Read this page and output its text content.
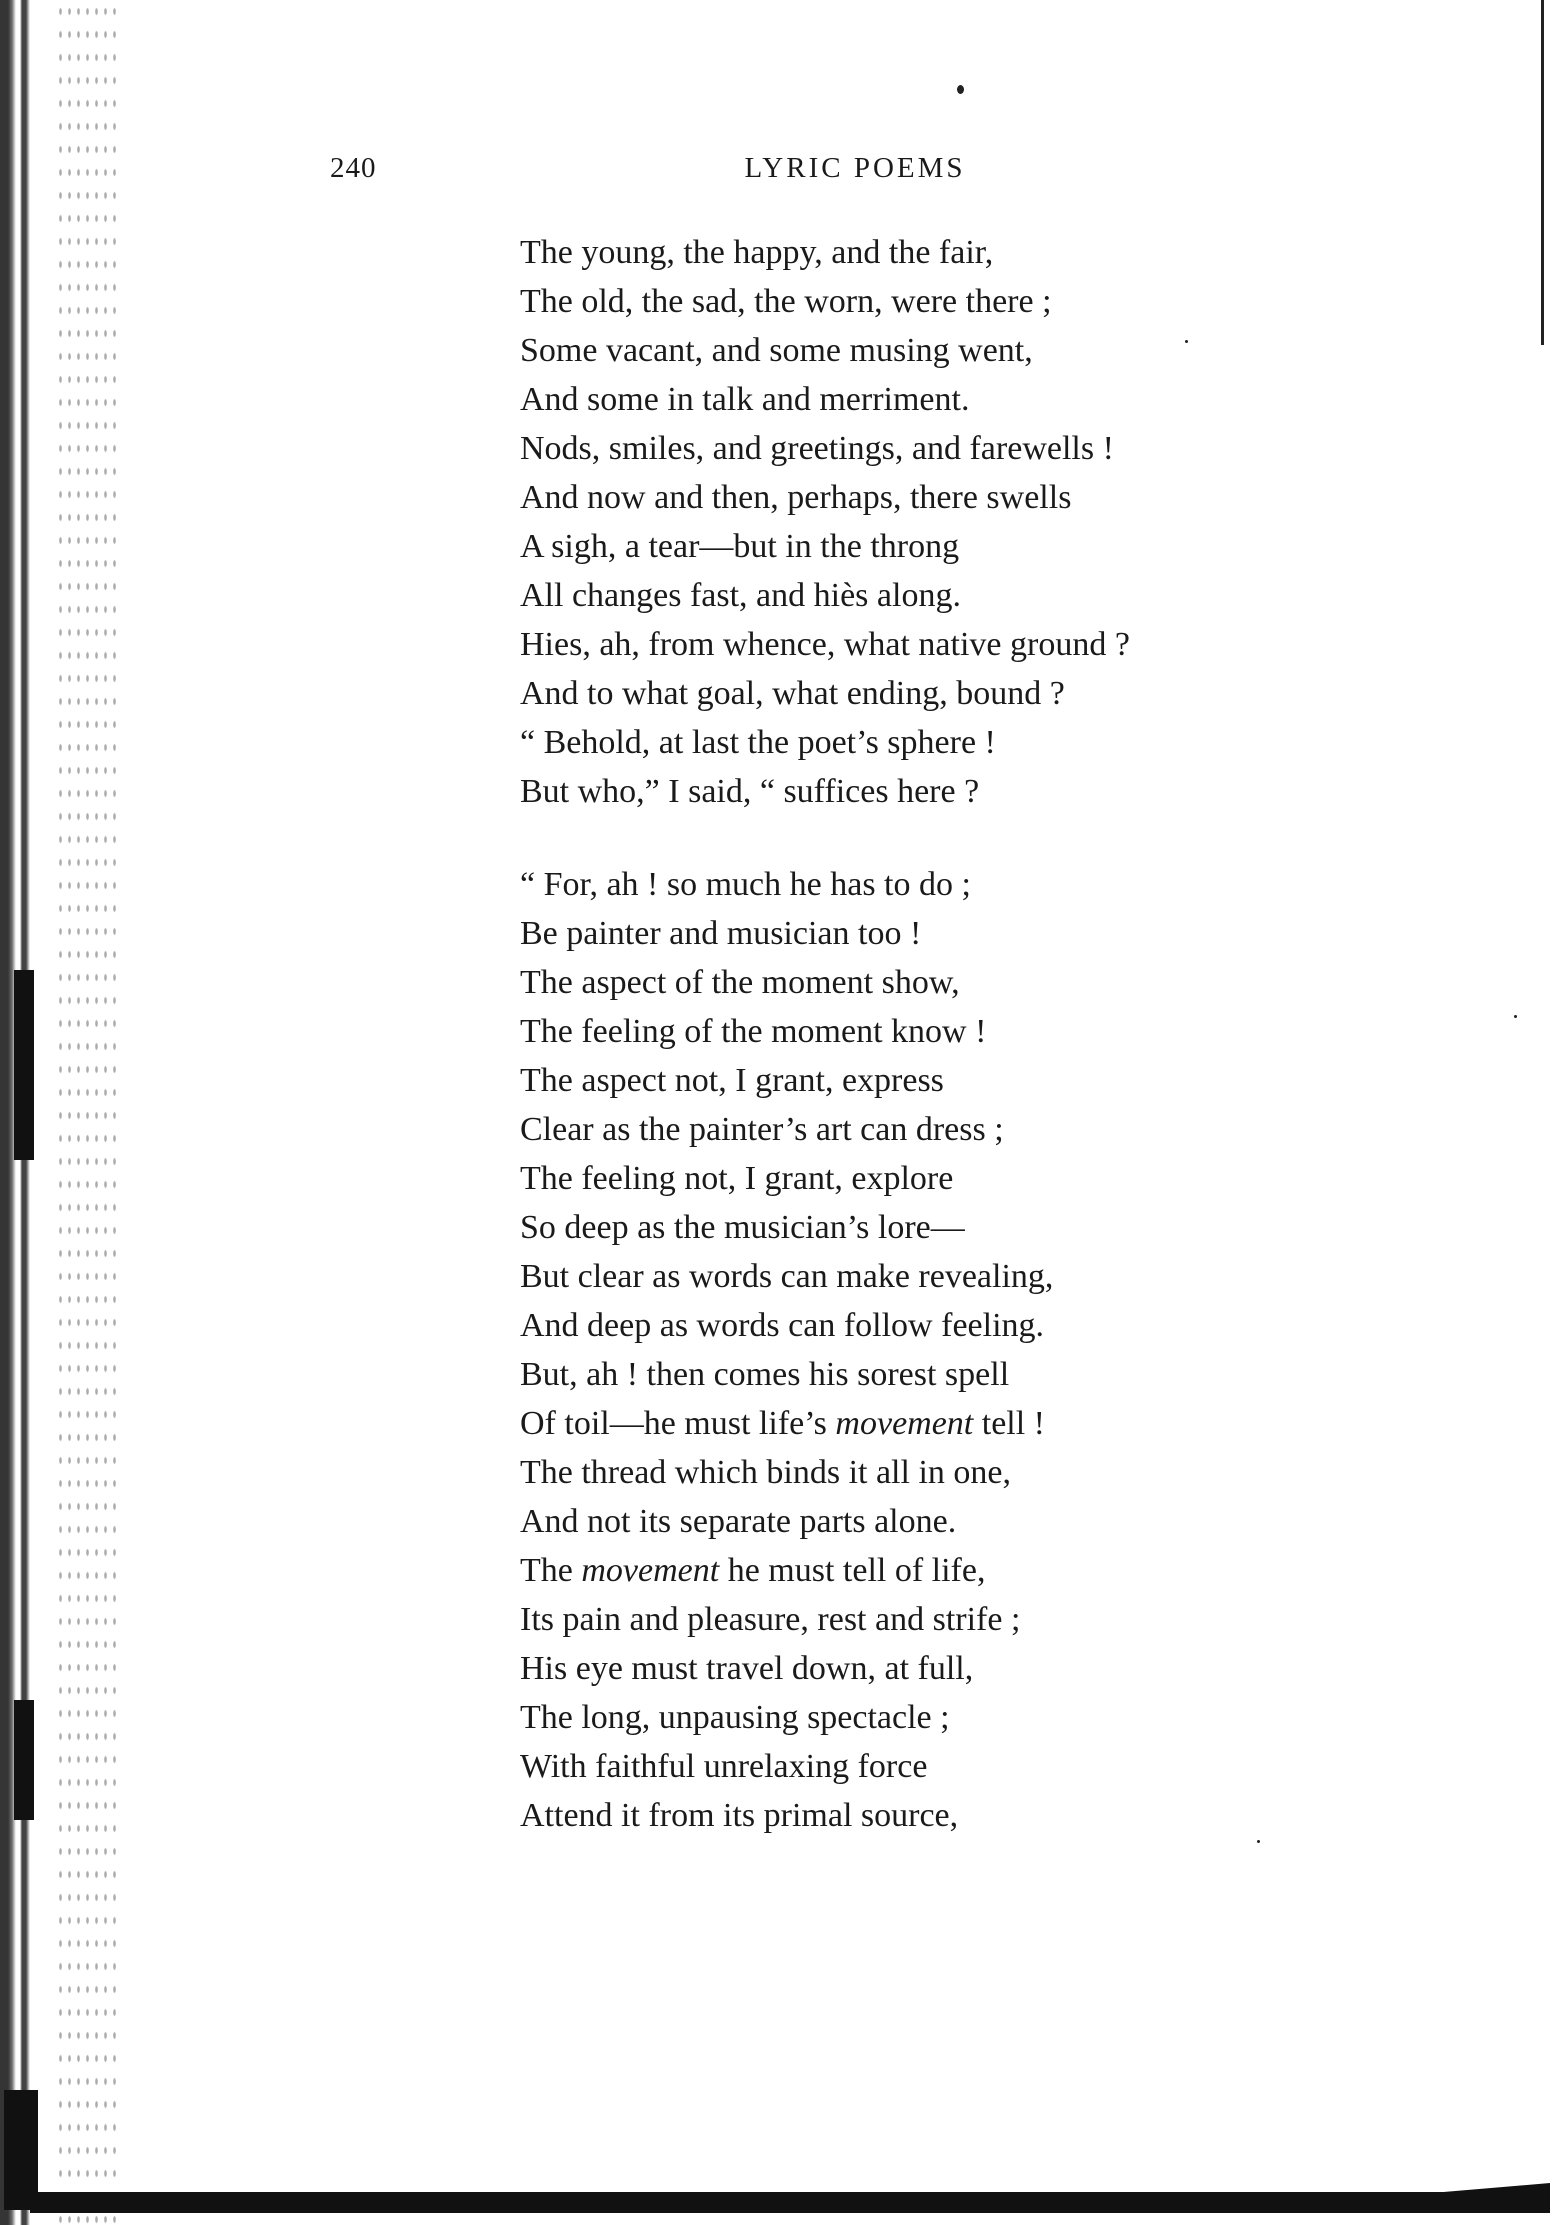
240	LYRIC POEMS
The young, the happy, and the fair,
The old, the sad, the worn, were there ;
Some vacant, and some musing went,
And some in talk and merriment.
Nods, smiles, and greetings, and farewells !
And now and then, perhaps, there swells
A sigh, a tear—but in the throng
All changes fast, and hiès along.
Hies, ah, from whence, what native ground ?
And to what goal, what ending, bound ?
“ Behold, at last the poet’s sphere !
But who,” I said, “ suffices here ?
“ For, ah ! so much he has to do ;
Be painter and musician too !
The aspect of the moment show,
The feeling of the moment know !
The aspect not, I grant, express
Clear as the painter’s art can dress ;
The feeling not, I grant, explore
So deep as the musician’s lore—
But clear as words can make revealing,
And deep as words can follow feeling.
But, ah ! then comes his sorest spell
Of toil—he must life’s movement tell !
The thread which binds it all in one,
And not its separate parts alone.
The movement he must tell of life,
Its pain and pleasure, rest and strife ;
His eye must travel down, at full,
The long, unpausing spectacle ;
With faithful unrelaxing force
Attend it from its primal source,
